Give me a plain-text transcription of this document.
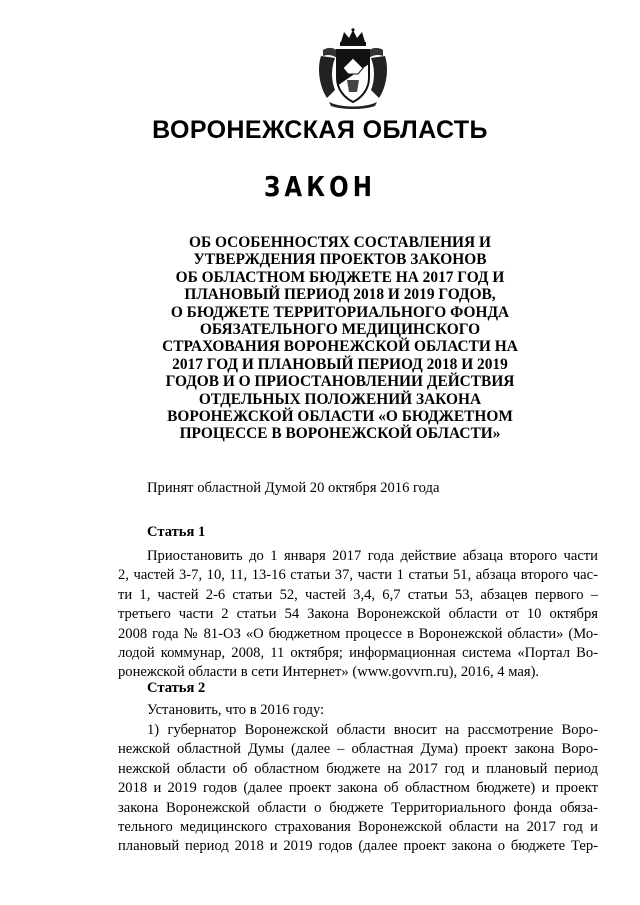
ВОРОНЕЖСКАЯ ОБЛАСТЬ
ЗАКОН
ОБ ОСОБЕННОСТЯХ СОСТАВЛЕНИЯ И
УТВЕРЖДЕНИЯ ПРОЕКТОВ ЗАКОНОВ
ОБ ОБЛАСТНОМ БЮДЖЕТЕ НА 2017 ГОД И
ПЛАНОВЫЙ ПЕРИОД 2018 И 2019 ГОДОВ,
О БЮДЖЕТЕ ТЕРРИТОРИАЛЬНОГО ФОНДА
ОБЯЗАТЕЛЬНОГО МЕДИЦИНСКОГО
СТРАХОВАНИЯ ВОРОНЕЖСКОЙ ОБЛАСТИ НА
2017 ГОД И ПЛАНОВЫЙ ПЕРИОД 2018 И 2019
ГОДОВ И О ПРИОСТАНОВЛЕНИИ ДЕЙСТВИЯ
ОТДЕЛЬНЫХ ПОЛОЖЕНИЙ ЗАКОНА
ВОРОНЕЖСКОЙ ОБЛАСТИ «О БЮДЖЕТНОМ
ПРОЦЕССЕ В ВОРОНЕЖСКОЙ ОБЛАСТИ»
Принят областной Думой 20 октября 2016 года
Статья 1
Приостановить до 1 января 2017 года действие абзаца второго части
2, частей 3-7, 10, 11, 13-16 статьи 37, части 1 статьи 51, абзаца второго час-
ти 1, частей 2-6 статьи 52, частей 3,4, 6,7 статьи 53, абзацев первого –
третьего части 2 статьи 54 Закона Воронежской области от 10 октября
2008 года № 81-ОЗ «О бюджетном процессе в Воронежской области» (Мо-
лодой коммунар, 2008, 11 октября; информационная система «Портал Во-
ронежской области в сети Интернет» (www.govvrn.ru), 2016, 4 мая).
Статья 2
Установить, что в 2016 году:
1) губернатор Воронежской области вносит на рассмотрение Воро-
нежской областной Думы (далее – областная Дума) проект закона Воро-
нежской области об областном бюджете на 2017 год и плановый период
2018 и 2019 годов (далее проект закона об областном бюджете) и проект
закона Воронежской области о бюджете Территориального фонда обяза-
тельного медицинского страхования Воронежской области на 2017 год и
плановый период 2018 и 2019 годов (далее проект закона о бюджете Тер-
